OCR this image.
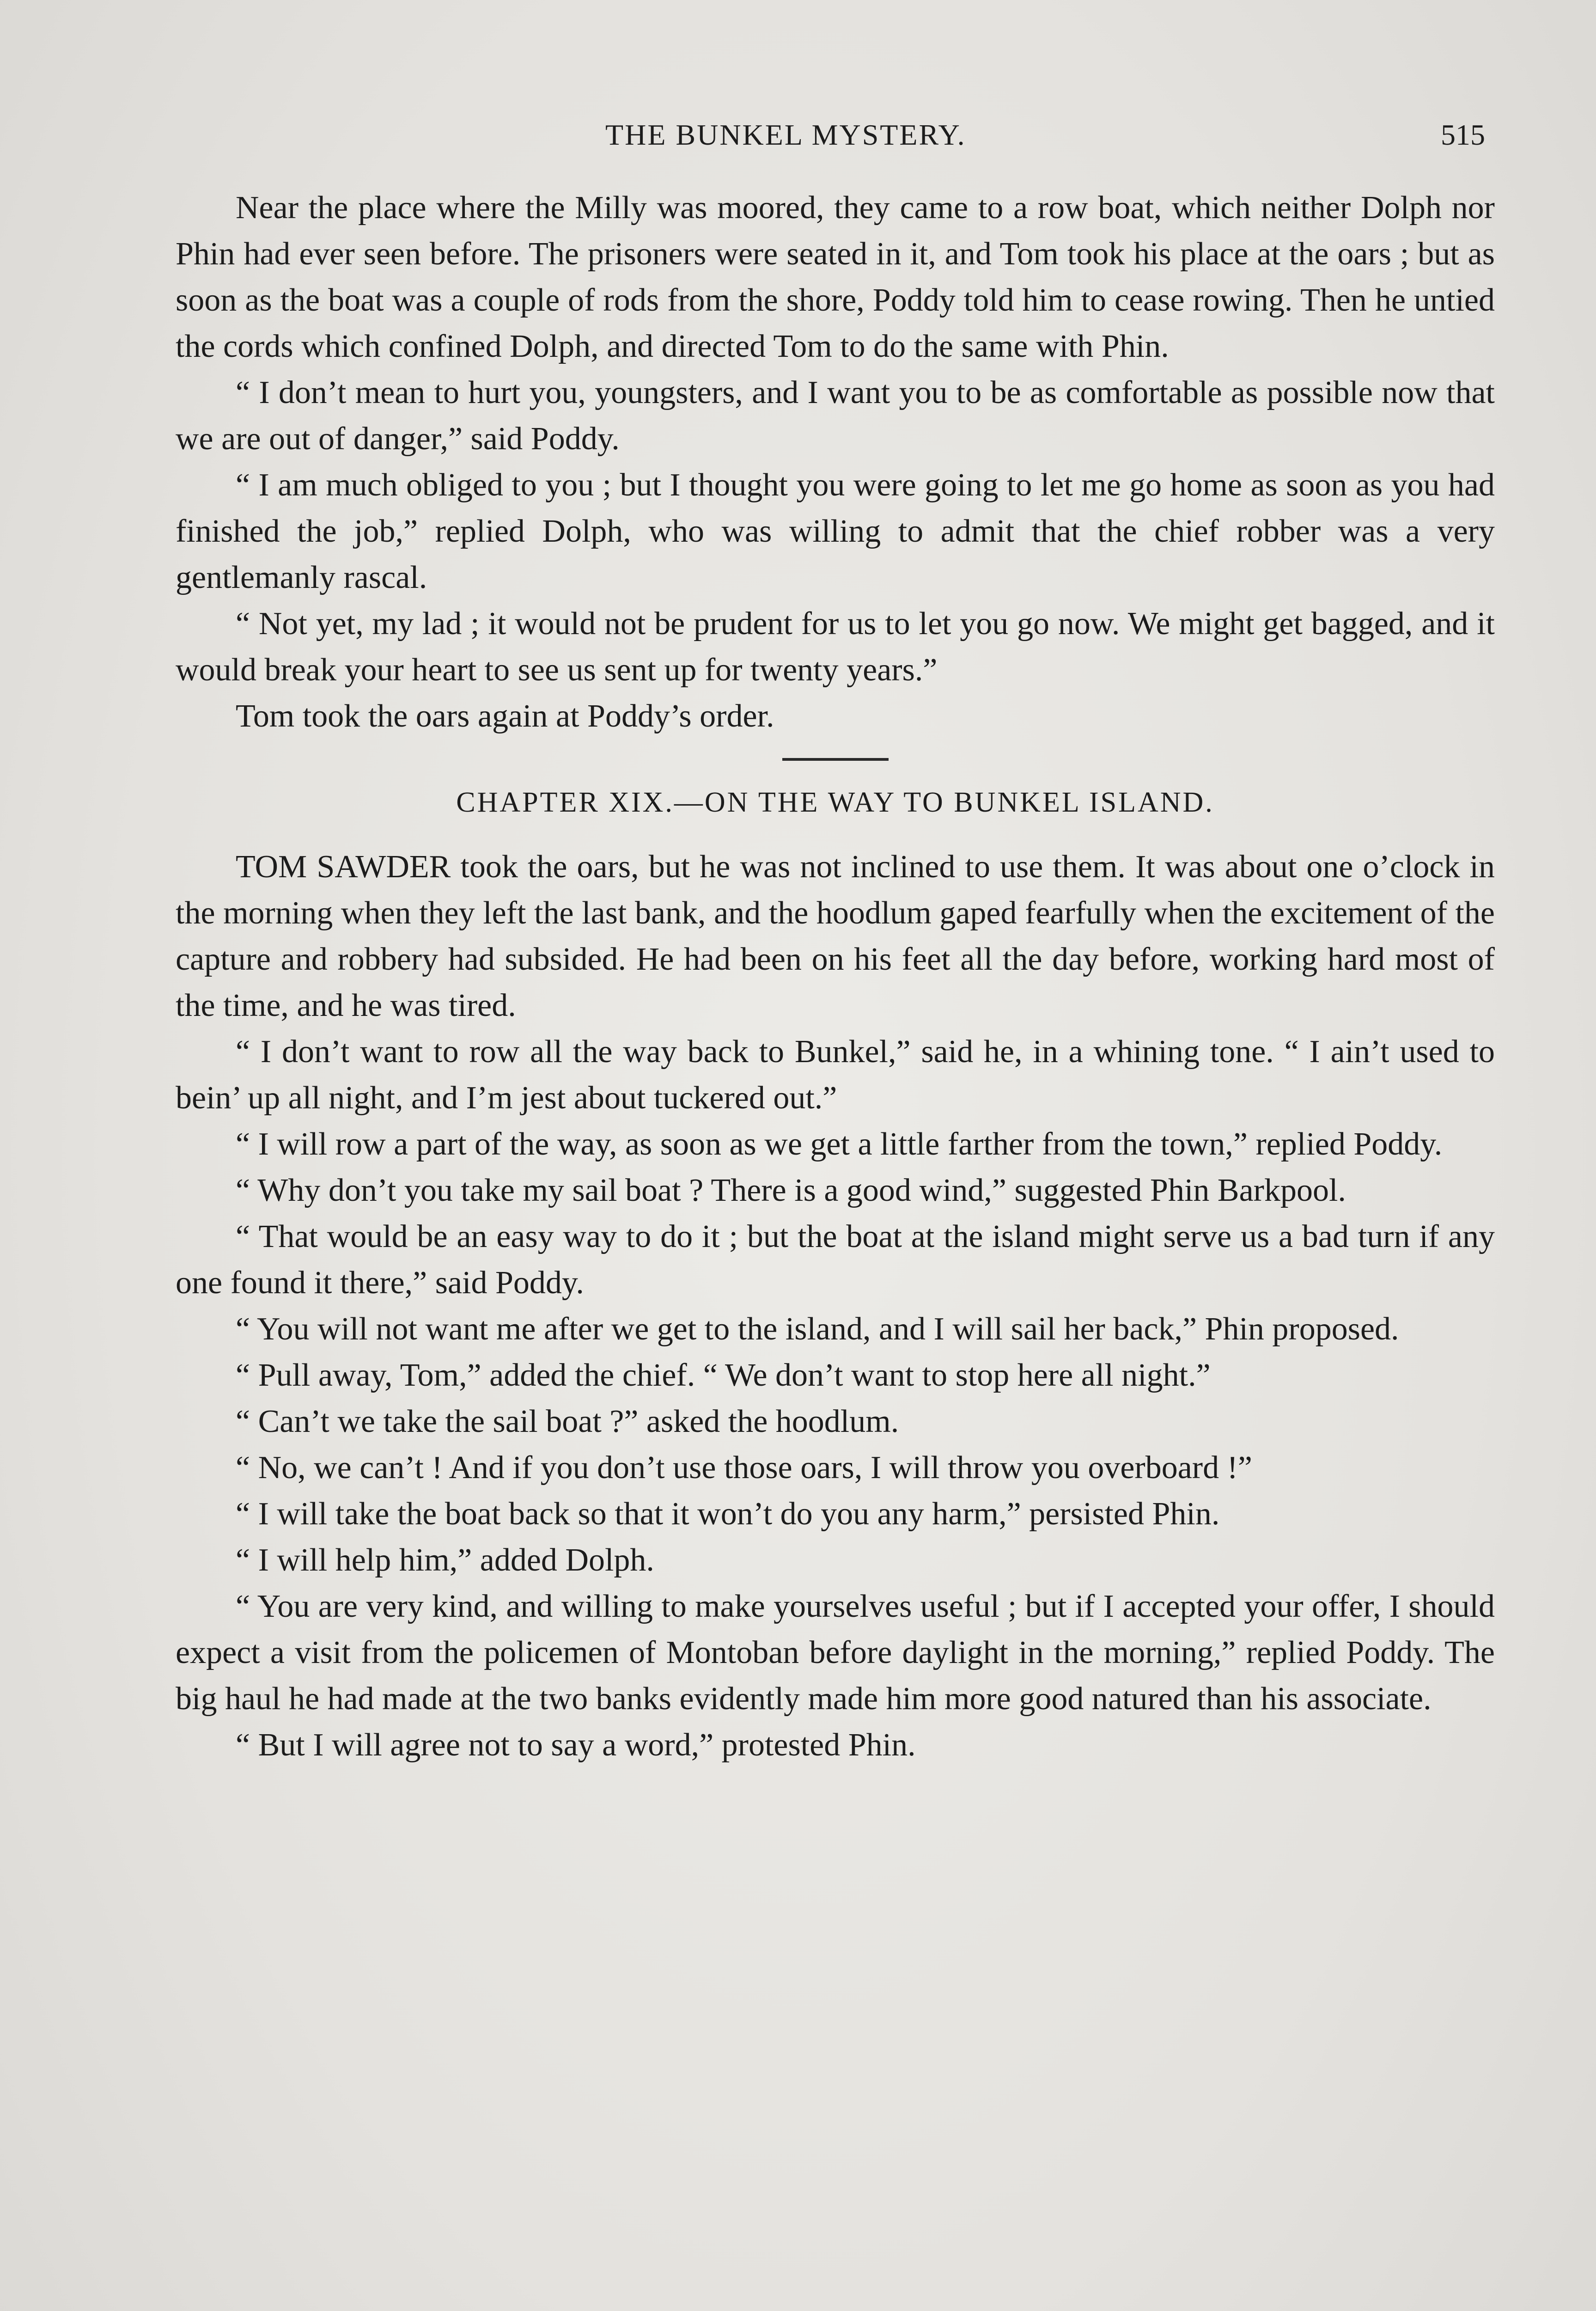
THE BUNKEL MYSTERY.	515

Near the place where the Milly was moored, they came to a row boat, which neither Dolph nor Phin had ever seen before. The prisoners were seated in it, and Tom took his place at the oars ; but as soon as the boat was a couple of rods from the shore, Poddy told him to cease rowing. Then he untied the cords which confined Dolph, and directed Tom to do the same with Phin.

“ I don’t mean to hurt you, youngsters, and I want you to be as comfortable as possible now that we are out of danger,” said Poddy.

“ I am much obliged to you ; but I thought you were going to let me go home as soon as you had finished the job,” replied Dolph, who was willing to admit that the chief robber was a very gentlemanly rascal.

“ Not yet, my lad ; it would not be prudent for us to let you go now. We might get bagged, and it would break your heart to see us sent up for twenty years.”

Tom took the oars again at Poddy’s order.

CHAPTER XIX.—ON THE WAY TO BUNKEL ISLAND.

TOM SAWDER took the oars, but he was not inclined to use them. It was about one o’clock in the morning when they left the last bank, and the hoodlum gaped fearfully when the excitement of the capture and robbery had subsided. He had been on his feet all the day before, working hard most of the time, and he was tired.

“ I don’t want to row all the way back to Bunkel,” said he, in a whining tone. “ I ain’t used to bein’ up all night, and I’m jest about tuckered out.”

“ I will row a part of the way, as soon as we get a little farther from the town,” replied Poddy.

“ Why don’t you take my sail boat ? There is a good wind,” suggested Phin Barkpool.

“ That would be an easy way to do it ; but the boat at the island might serve us a bad turn if any one found it there,” said Poddy.

“ You will not want me after we get to the island, and I will sail her back,” Phin proposed.

“ Pull away, Tom,” added the chief. “ We don’t want to stop here all night.”

“ Can’t we take the sail boat ?” asked the hoodlum.

“ No, we can’t ! And if you don’t use those oars, I will throw you overboard !”

“ I will take the boat back so that it won’t do you any harm,” persisted Phin.

“ I will help him,” added Dolph.

“ You are very kind, and willing to make yourselves useful ; but if I accepted your offer, I should expect a visit from the policemen of Montoban before daylight in the morning,” replied Poddy. The big haul he had made at the two banks evidently made him more good natured than his associate.

“ But I will agree not to say a word,” protested Phin.
